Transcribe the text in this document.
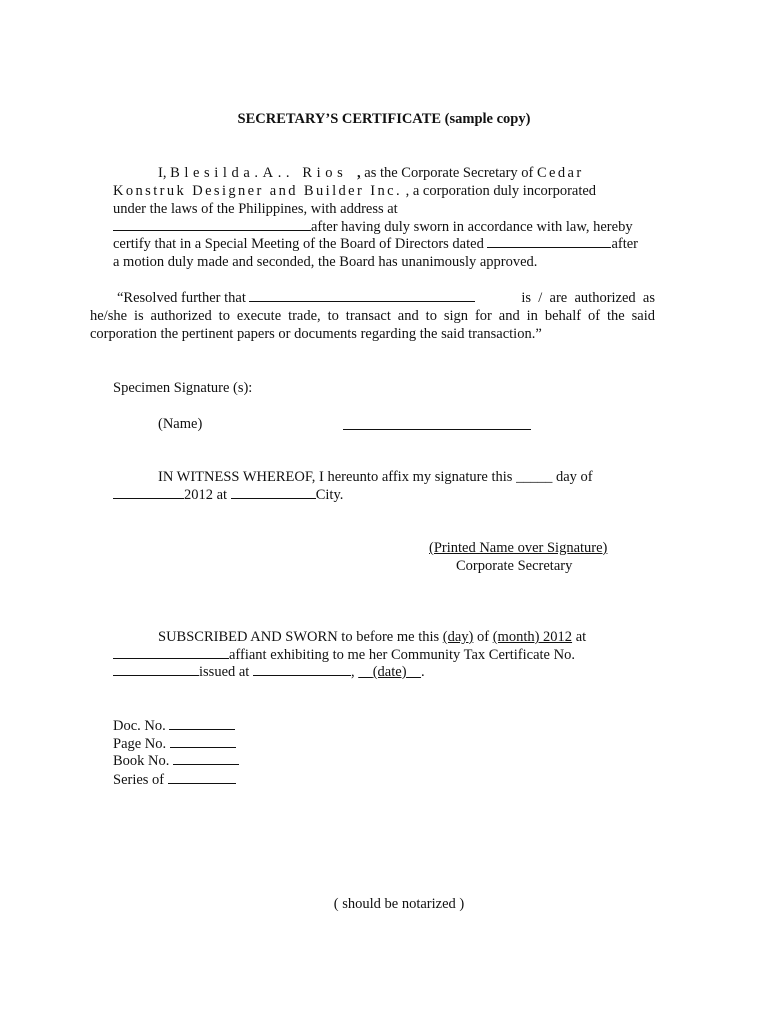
SECRETARY’S CERTIFICATE (sample copy)
I, Blesilda.A.. Rios , as the Corporate Secretary of Cedar
Konstruk Designer and Builder Inc. , a corporation duly incorporated
under the laws of the Philippines, with address at
after having duly sworn in accordance with law, hereby
certify that in a Special Meeting of the Board of Directors dated	after
a motion duly made and seconded, the Board has unanimously approved.
“Resolved further that	is  /  are  authorized  as
he/she is authorized to execute trade, to transact and to sign for and in behalf of the said
corporation the pertinent papers or documents regarding the said transaction.”
Specimen Signature (s):
(Name)
IN WITNESS WHEREOF, I hereunto affix my signature this _____ day of
2012 at	City.
(Printed Name over Signature)
Corporate Secretary
SUBSCRIBED AND SWORN to before me this (day) of (month) 2012 at
affiant exhibiting to me her Community Tax Certificate No.
issued at	, ​    (date) .
Doc. No.
Page No.
Book No.
Series of
( should be notarized )
